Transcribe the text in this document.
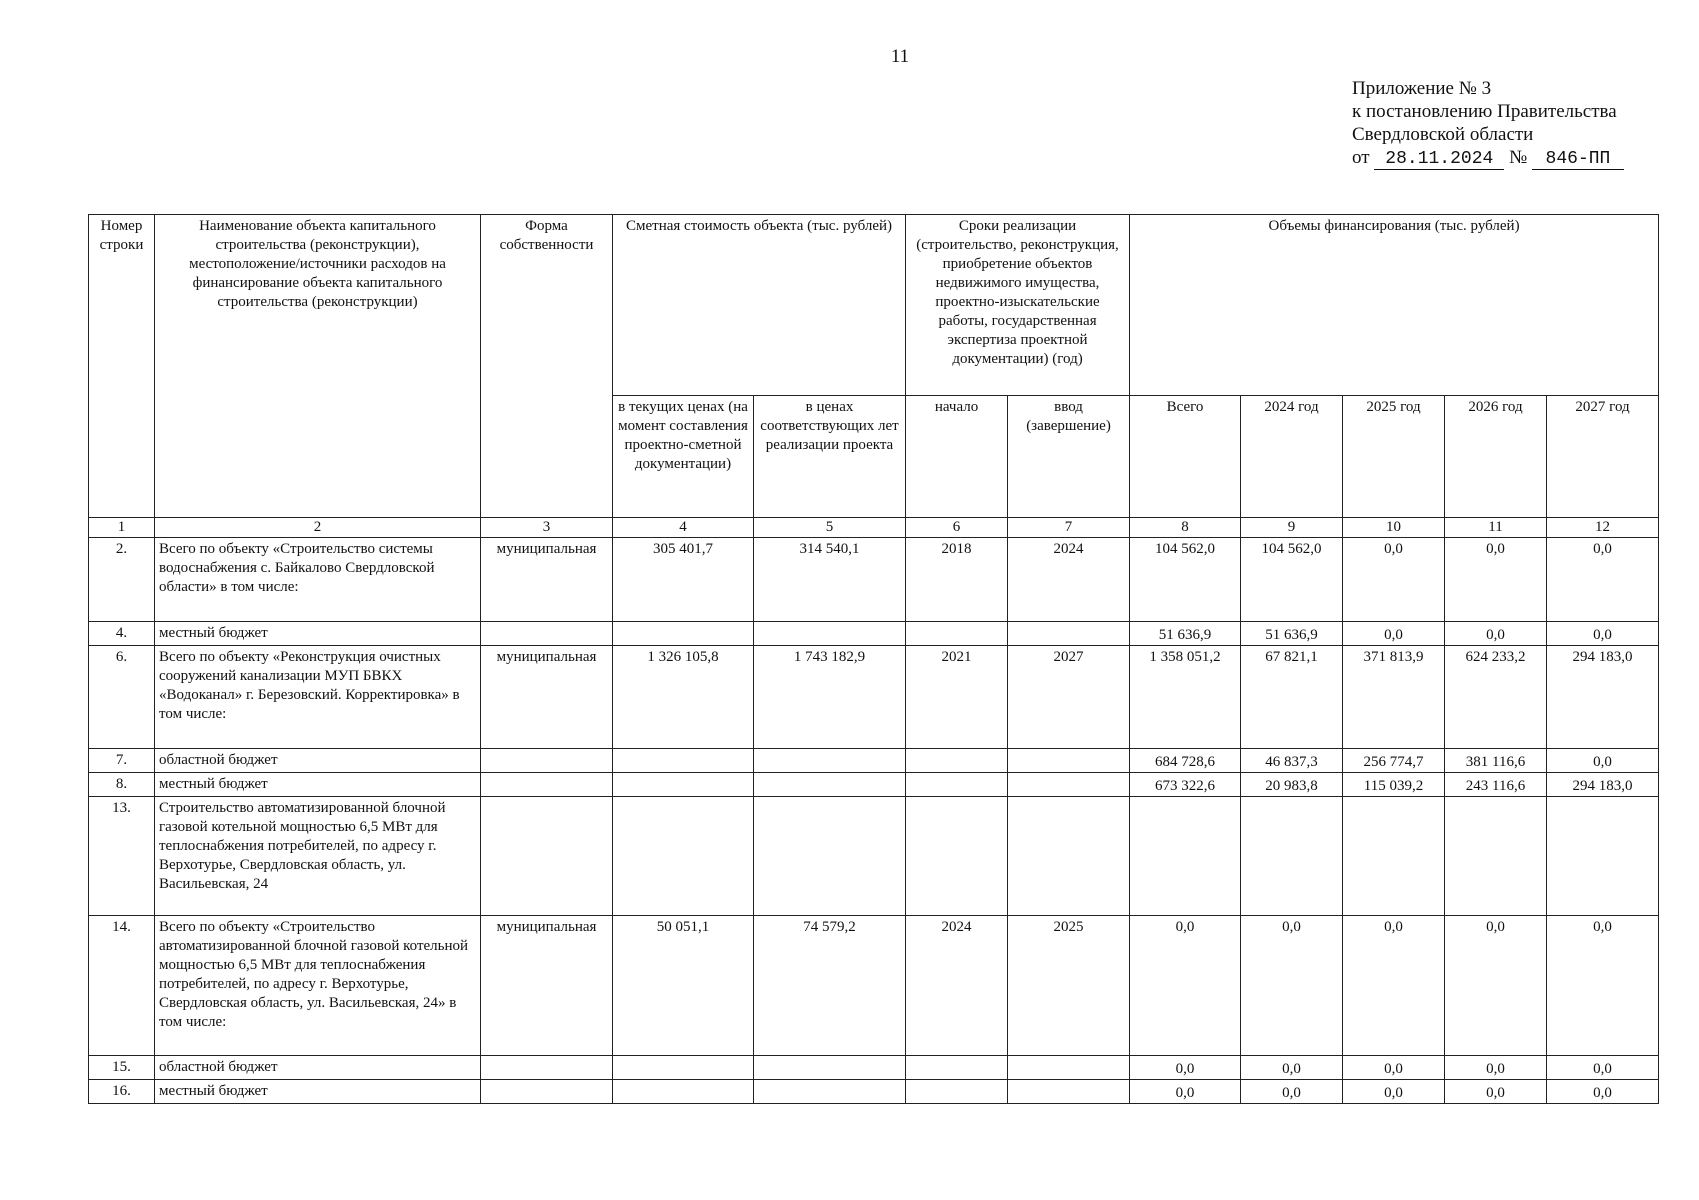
11
Приложение № 3
к постановлению Правительства
Свердловской области
от 28.11.2024 № 846-ПП
Номер строки	Наименование объекта капитального строительства (реконструкции), местоположение/источники расходов на финансирование объекта капитального строительства (реконструкции)	Форма собственности	Сметная стоимость объекта (тыс. рублей)		Сроки реализации (строительство, реконструкция, приобретение объектов недвижимого имущества, проектно-изыскательские работы, государственная экспертиза проектной документации) (год)		Объемы финансирования (тыс. рублей)				
			в текущих ценах (на момент составления проектно-сметной документации)	в ценах соответствующих лет реализации проекта	начало	ввод (завершение)	Всего	2024 год	2025 год	2026 год	2027 год
1	2	3	4	5	6	7	8	9	10	11	12
2.	Всего по объекту «Строительство системы водоснабжения с. Байкалово Свердловской области» в том числе:	муниципальная	305 401,7	314 540,1	2018	2024	104 562,0	104 562,0	0,0	0,0	0,0
4.	местный бюджет						51 636,9	51 636,9	0,0	0,0	0,0
6.	Всего по объекту «Реконструкция очистных сооружений канализации МУП БВКХ «Водоканал» г. Березовский. Корректировка» в том числе:	муниципальная	1 326 105,8	1 743 182,9	2021	2027	1 358 051,2	67 821,1	371 813,9	624 233,2	294 183,0
7.	областной бюджет						684 728,6	46 837,3	256 774,7	381 116,6	0,0
8.	местный бюджет						673 322,6	20 983,8	115 039,2	243 116,6	294 183,0
13.	Строительство автоматизированной блочной газовой котельной мощностью 6,5 МВт для теплоснабжения потребителей, по адресу г. Верхотурье, Свердловская область, ул. Васильевская, 24										
14.	Всего по объекту «Строительство автоматизированной блочной газовой котельной мощностью 6,5 МВт для теплоснабжения потребителей, по адресу г. Верхотурье, Свердловская область, ул. Васильевская, 24» в том числе:	муниципальная	50 051,1	74 579,2	2024	2025	0,0	0,0	0,0	0,0	0,0
15.	областной бюджет						0,0	0,0	0,0	0,0	0,0
16.	местный бюджет						0,0	0,0	0,0	0,0	0,0
